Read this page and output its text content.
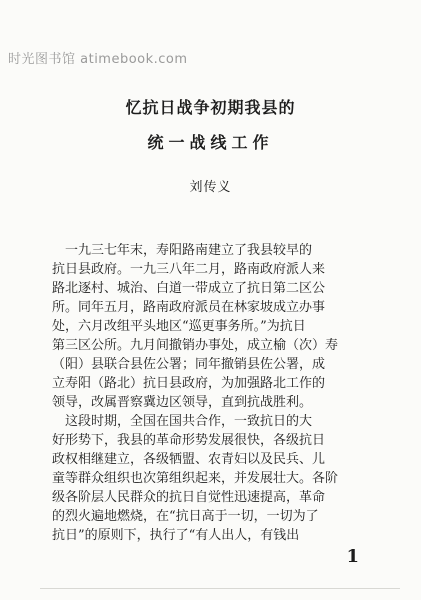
时光图书馆 atimebook.com
忆抗日战争初期我县的
统一战线工作
刘传义
　一九三七年末，寿阳路南建立了我县较早的
抗日县政府。一九三八年二月，路南政府派人来
路北逐村、城治、白道一带成立了抗日第二区公
所。同年五月，路南政府派员在林家坡成立办事
处，六月改组平头地区“巡更事务所。”为抗日
第三区公所。九月间撤销办事处，成立榆（次）寿
（阳）县联合县佐公署；同年撤销县佐公署，成
立寿阳（路北）抗日县政府，为加强路北工作的
领导，改属晋察冀边区领导，直到抗战胜利。
　这段时期，全国在国共合作，一致抗日的大
好形势下，我县的革命形势发展很快，各级抗日
政权相继建立，各级牺盟、农青妇以及民兵、儿
童等群众组织也次第组织起来，并发展壮大。各阶
级各阶层人民群众的抗日自觉性迅速提高，革命
的烈火遍地燃烧，在“抗日高于一切，一切为了
抗日”的原则下，执行了“有人出人，有钱出
1
